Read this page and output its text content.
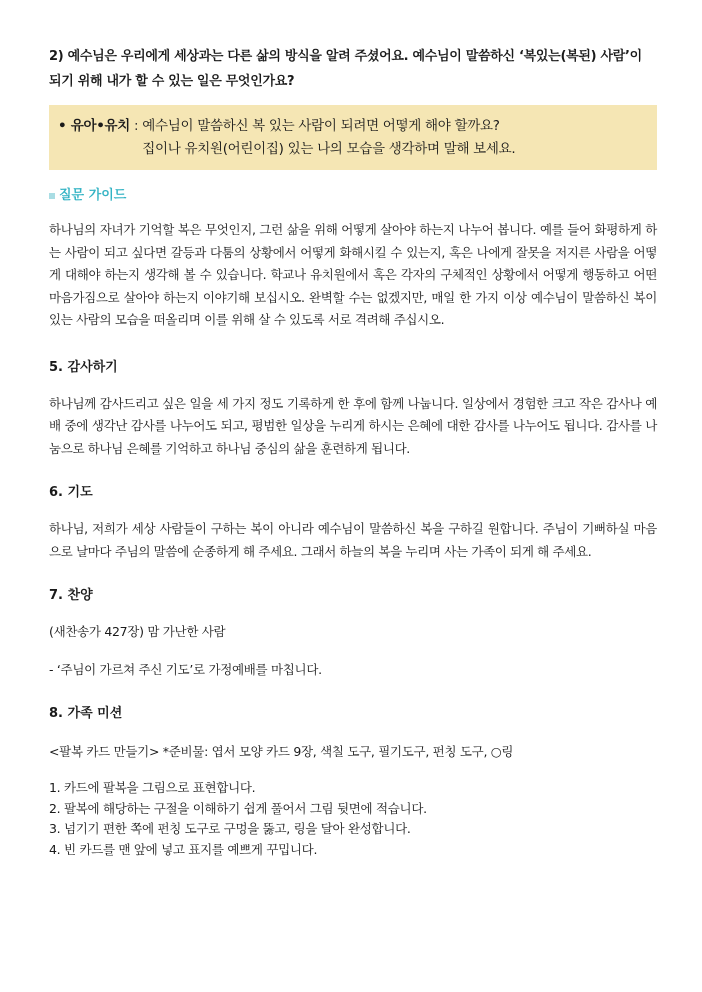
2) 예수님은 우리에게 세상과는 다른 삶의 방식을 알려 주셨어요. 예수님이 말씀하신 ‘복있는(복된) 사람’이 되기 위해 내가 할 수 있는 일은 무엇인가요?

• 유아•유치 : 예수님이 말씀하신 복 있는 사람이 되려면 어떻게 해야 할까요?

집이나 유치원(어린이집) 있는 나의 모습을 생각하며 말해 보세요.

질문 가이드

하나님의 자녀가 기억할 복은 무엇인지, 그런 삶을 위해 어떻게 살아야 하는지 나누어 봅니다. 예를 들어 화평하게 하는 사람이 되고 싶다면 갈등과 다툼의 상황에서 어떻게 화해시킬 수 있는지, 혹은 나에게 잘못을 저지른 사람을 어떻게 대해야 하는지 생각해 볼 수 있습니다. 학교나 유치원에서 혹은 각자의 구체적인 상황에서 어떻게 행동하고 어떤 마음가짐으로 살아야 하는지 이야기해 보십시오. 완벽할 수는 없겠지만, 매일 한 가지 이상 예수님이 말씀하신 복이 있는 사람의 모습을 떠올리며 이를 위해 살 수 있도록 서로 격려해 주십시오.

5. 감사하기

하나님께 감사드리고 싶은 일을 세 가지 정도 기록하게 한 후에 함께 나눕니다. 일상에서 경험한 크고 작은 감사나 예배 중에 생각난 감사를 나누어도 되고, 평범한 일상을 누리게 하시는 은혜에 대한 감사를 나누어도 됩니다. 감사를 나눔으로 하나님 은혜를 기억하고 하나님 중심의 삶을 훈련하게 됩니다.

6. 기도

하나님, 저희가 세상 사람들이 구하는 복이 아니라 예수님이 말씀하신 복을 구하길 원합니다. 주님이 기뻐하실 마음으로 날마다 주님의 말씀에 순종하게 해 주세요. 그래서 하늘의 복을 누리며 사는 가족이 되게 해 주세요.

7. 찬양

(새찬송가 427장) 맘 가난한 사람

- ‘주님이 가르쳐 주신 기도’로 가정예배를 마칩니다.

8. 가족 미션

<팔복 카드 만들기> *준비물: 엽서 모양 카드 9장, 색칠 도구, 필기도구, 펀칭 도구, ○링

1. 카드에 팔복을 그림으로 표현합니다.

2. 팔복에 해당하는 구절을 이해하기 쉽게 풀어서 그림 뒷면에 적습니다.

3. 넘기기 편한 쪽에 펀칭 도구로 구멍을 뚫고, 링을 달아 완성합니다.

4. 빈 카드를 맨 앞에 넣고 표지를 예쁘게 꾸밉니다.
